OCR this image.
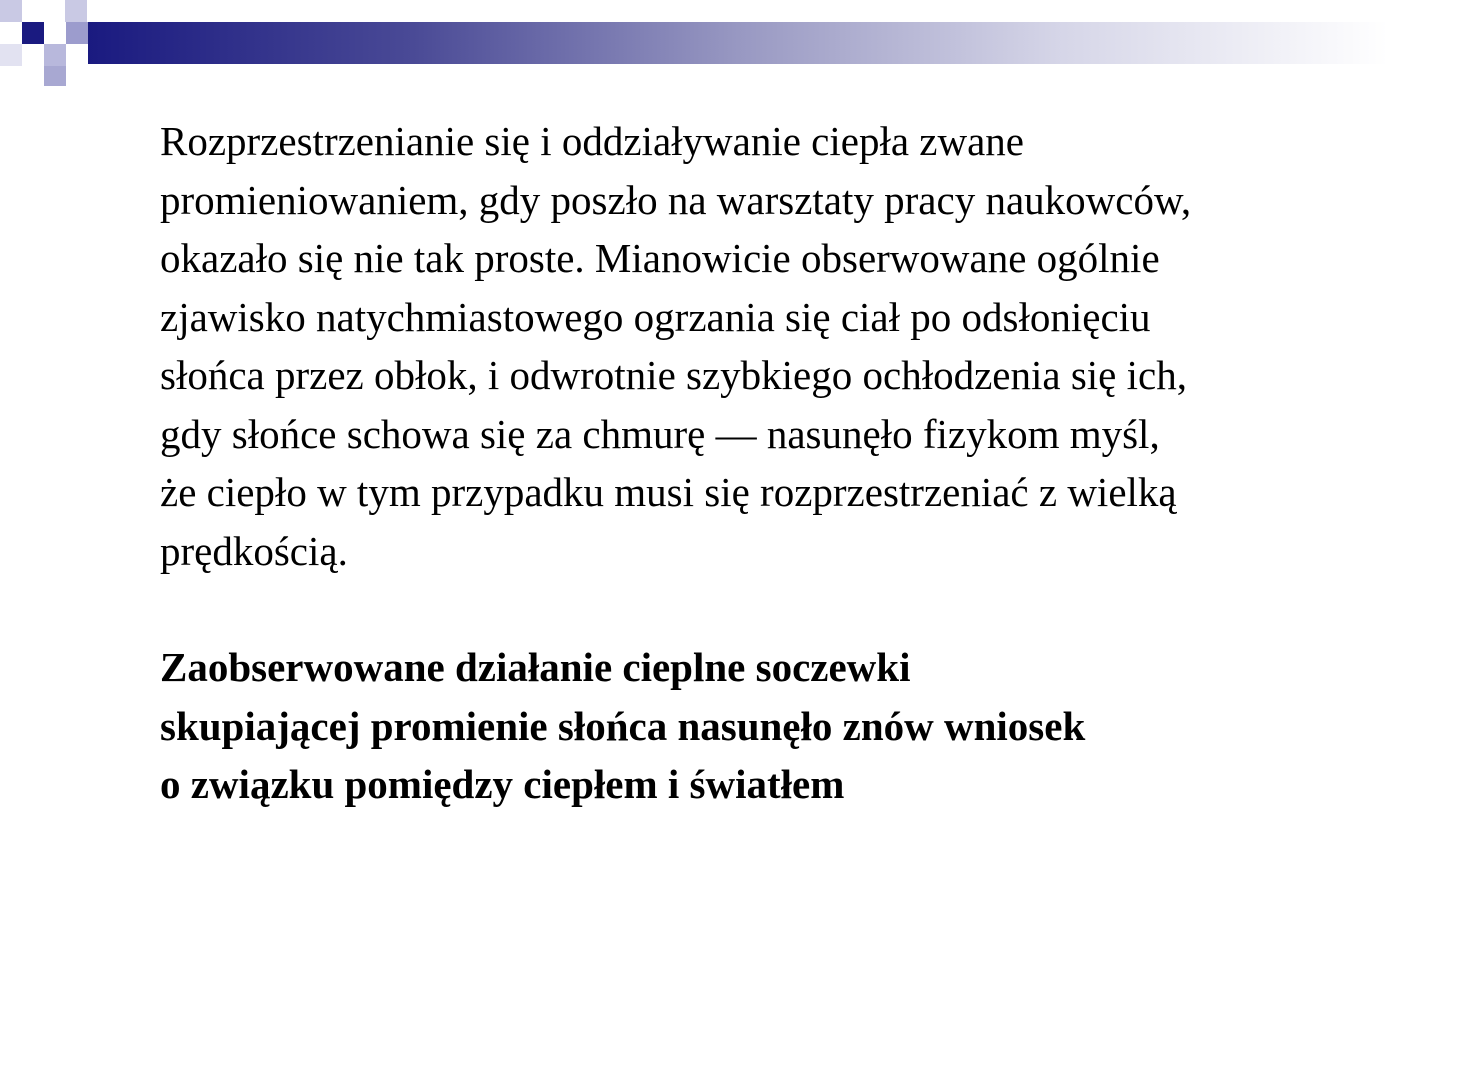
Rozprzestrzenianie się i oddziaływanie ciepła zwane
promieniowaniem, gdy poszło na warsztaty pracy naukowców,
okazało się nie tak proste. Mianowicie obserwowane ogólnie
zjawisko natychmiastowego ogrzania się ciał po odsłonięciu
słońca przez obłok, i odwrotnie szybkiego ochłodzenia się ich,
gdy słońce schowa się za chmurę — nasunęło fizykom myśl,
że ciepło w tym przypadku musi się rozprzestrzeniać z wielką
prędkością.

Zaobserwowane działanie cieplne soczewki
skupiającej promienie słońca nasunęło znów wniosek
o związku pomiędzy ciepłem i światłem
